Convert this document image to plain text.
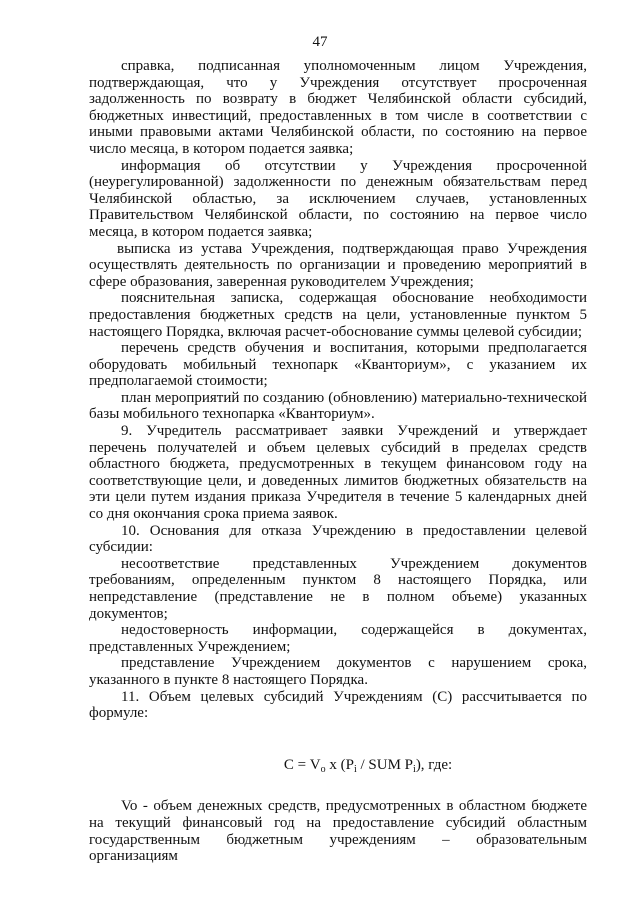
47

справка, подписанная уполномоченным лицом Учреждения, подтверждающая, что у Учреждения отсутствует просроченная задолженность по возврату в бюджет Челябинской области субсидий, бюджетных инвестиций, предоставленных в том числе в соответствии с иными правовыми актами Челябинской области, по состоянию на первое число месяца, в котором подается заявка;

информация об отсутствии у Учреждения просроченной (неурегулированной) задолженности по денежным обязательствам перед Челябинской областью, за исключением случаев, установленных Правительством Челябинской области, по состоянию на первое число месяца, в котором подается заявка;

выписка из устава Учреждения, подтверждающая право Учреждения осуществлять деятельность по организации и проведению мероприятий в сфере образования, заверенная руководителем Учреждения;

пояснительная записка, содержащая обоснование необходимости предоставления бюджетных средств на цели, установленные пунктом 5 настоящего Порядка, включая расчет-обоснование суммы целевой субсидии;

перечень средств обучения и воспитания, которыми предполагается оборудовать мобильный технопарк «Кванториум», с указанием их предполагаемой стоимости;

план мероприятий по созданию (обновлению) материально-технической базы мобильного технопарка «Кванториум».

9. Учредитель рассматривает заявки Учреждений и утверждает перечень получателей и объем целевых субсидий в пределах средств областного бюджета, предусмотренных в текущем финансовом году на соответствующие цели, и доведенных лимитов бюджетных обязательств на эти цели путем издания приказа Учредителя в течение 5 календарных дней со дня окончания срока приема заявок.

10. Основания для отказа Учреждению в предоставлении целевой субсидии:

несоответствие представленных Учреждением документов требованиям, определенным пунктом 8 настоящего Порядка, или непредставление (представление не в полном объеме) указанных документов;

недостоверность информации, содержащейся в документах, представленных Учреждением;

представление Учреждением документов с нарушением срока, указанного в пункте 8 настоящего Порядка.

11. Объем целевых субсидий Учреждениям (С) рассчитывается по формуле:

$С = V_o$ x ($P_i$ / SUM $P_i$), где:

Vo - объем денежных средств, предусмотренных в областном бюджете на текущий финансовый год на предоставление субсидий областным государственным бюджетным учреждениям – образовательным организациям
